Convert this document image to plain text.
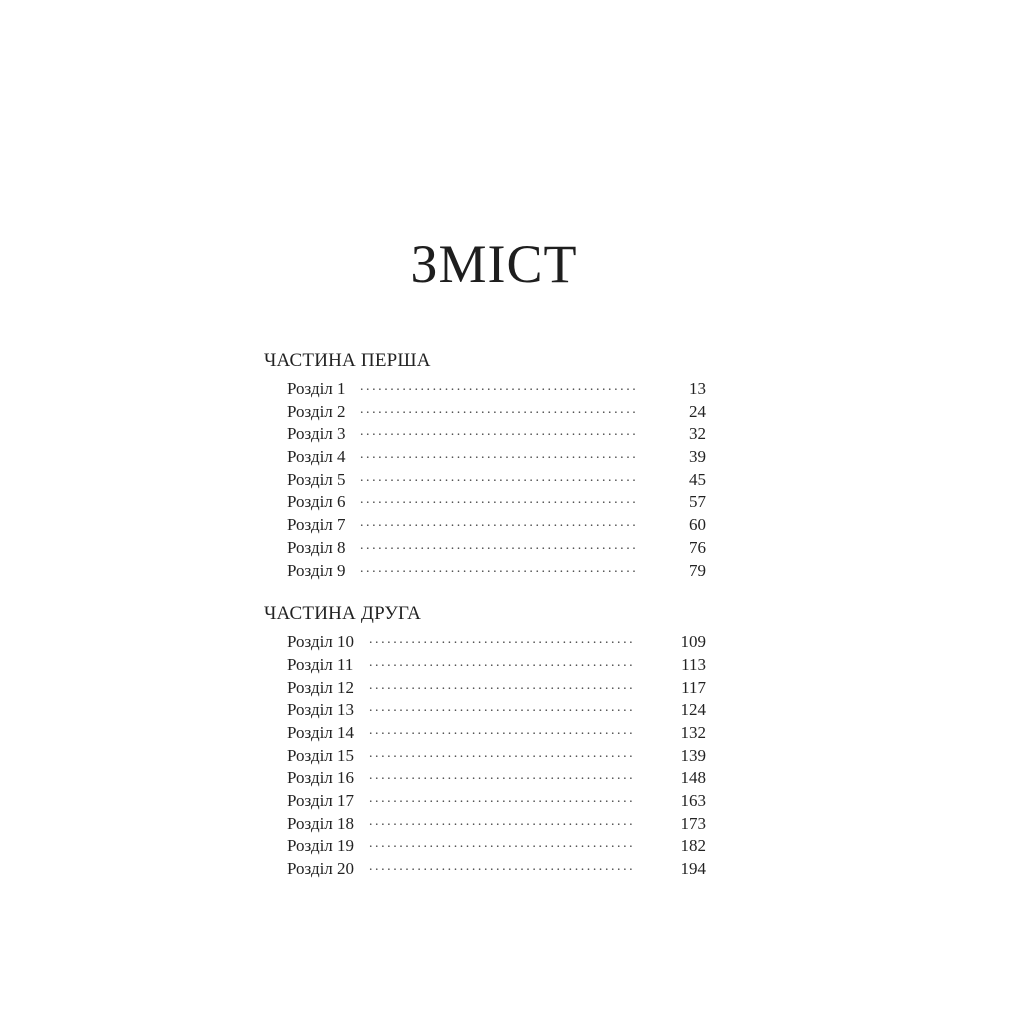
ЗМІСТ
ЧАСТИНА ПЕРША
Розділ 1 ..............................................	13
Розділ 2 ..............................................	24
Розділ 3 ..............................................	32
Розділ 4 ..............................................	39
Розділ 5 ..............................................	45
Розділ 6 ..............................................	57
Розділ 7 ..............................................	60
Розділ 8 ..............................................	76
Розділ 9 ..............................................	79
ЧАСТИНА ДРУГА
Розділ 10 ............................................	109
Розділ 11 ............................................	113
Розділ 12 ............................................	117
Розділ 13 ............................................	124
Розділ 14 ............................................	132
Розділ 15 ............................................	139
Розділ 16 ............................................	148
Розділ 17 ............................................	163
Розділ 18 ............................................	173
Розділ 19 ............................................	182
Розділ 20 ............................................	194
